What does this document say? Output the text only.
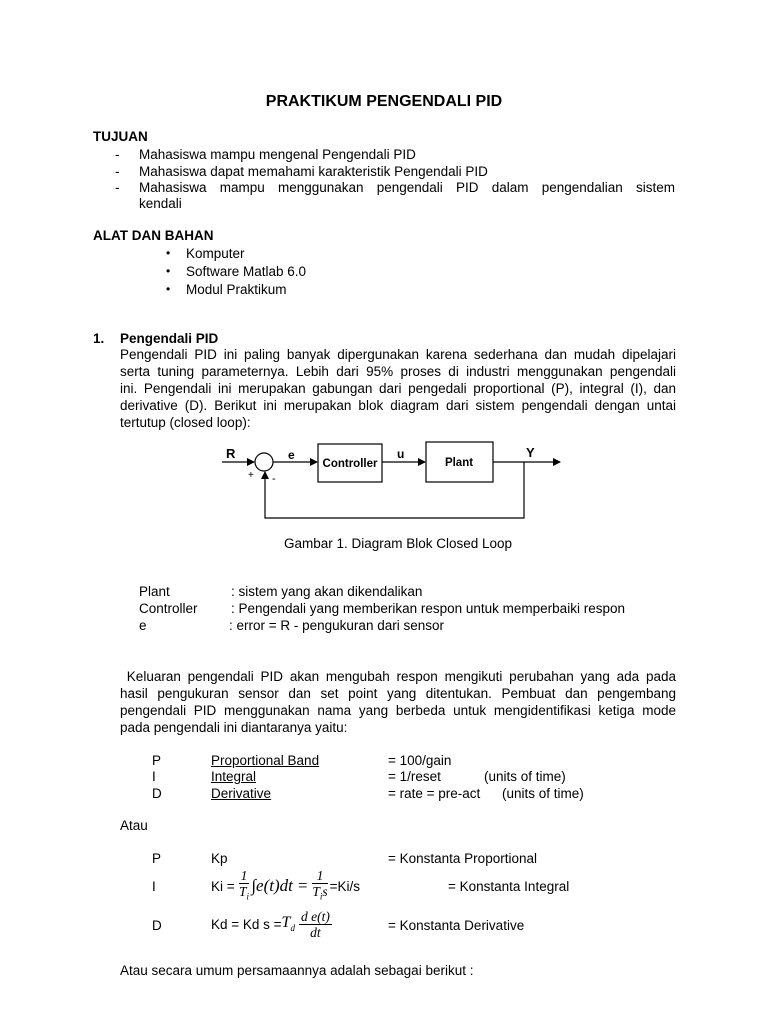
PRAKTIKUM PENGENDALI PID
TUJUAN
- Mahasiswa mampu mengenal Pengendali PID
- Mahasiswa dapat memahami karakteristik Pengendali PID
- Mahasiswa mampu menggunakan pengendali PID dalam pengendalian sistem
kendali
ALAT DAN BAHAN
• Komputer
• Software Matlab 6.0
• Modul Praktikum
1. Pengendali PID
Pengendali PID ini paling banyak dipergunakan karena sederhana dan mudah dipelajari
serta tuning parameternya. Lebih dari 95% proses di industri menggunakan pengendali
ini. Pengendali ini merupakan gabungan dari pengedali proportional (P), integral (I), dan
derivative (D). Berikut ini merupakan blok diagram dari sistem pengendali dengan untai
tertutup (closed loop):
R
+ -
e
Controller
u
Plant
Y
Gambar 1. Diagram Blok Closed Loop
Plant	: sistem yang akan dikendalikan
Controller : Pengendali yang memberikan respon untuk memperbaiki respon
e	: error = R - pengukuran dari sensor
Keluaran pengendali PID akan mengubah respon mengikuti perubahan yang ada pada
hasil pengukuran sensor dan set point yang ditentukan. Pembuat dan pengembang
pengendali PID menggunakan nama yang berbeda untuk mengidentifikasi ketiga mode
pada pengendali ini diantaranya yaitu:
P	Proportional Band	= 100/gain
I	Integral	= 1/reset	(units of time)
D	Derivative	= rate = pre-act (units of time)
Atau
P	Kp	= Konstanta Proportional
I	$Ki = \frac{1}{T_i} \int e(t)dt = \frac{1}{T_is} =Ki/s$	= Konstanta Integral
D	Kd = Kd $s = T_d \frac{\text{d e(t)}}{dt}$	= Konstanta Derivative
Atau secara umum persamaannya adalah sebagai berikut :
